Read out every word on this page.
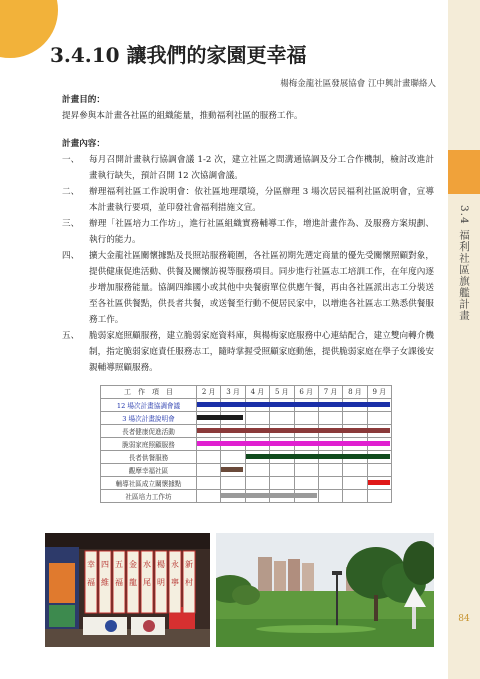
3.4 福利社區旗艦計畫
84
3.4.10 讓我們的家園更幸福
楊梅金龍社區發展協會 江中興計畫聯絡人
計畫目的：
提昇參與本計畫各社區的組織能量，推動福利社區的服務工作。
計畫內容：
一、 每月召開計畫執行協調會議 1-2 次，建立社區之間溝通協調及分工合作機制，檢討改進計畫執行缺失，預計召開 12 次協調會議。
二、 辦理福利社區工作說明會：依社區地理環境，分區辦理 3 場次居民福利社區說明會，宣導本計畫執行要項，並印發社會福利措施文宣。
三、 辦理「社區培力工作坊」，進行社區組織實務輔導工作，增進計畫作為、及服務方案規劃、執行的能力。
四、 擴大金龍社區關懷據點及長照站服務範圍，各社區初期先選定商量的優先受關懷照顧對象，提供健康促進活動、供餐及關懷訪視等服務項目。同步進行社區志工培訓工作，在年度內逐步增加服務能量。協調四維國小或其他中央餐廚單位供應午餐，再由各社區派出志工分裝送至各社區供餐點，供長者共餐，或送餐至行動不便居民家中，以增進各社區志工熟悉供餐服務工作。
五、 脆弱家庭照顧服務，建立脆弱家庭資料庫，與楊梅家庭服務中心連結配合，建立雙向轉介機制，指定脆弱家庭責任服務志工，隨時掌握受照顧家庭動態，提供脆弱家庭在學子女課後安親輔導照顧服務。
工　作　項　目	2 月	3 月	4 月	5 月	6 月	7 月	8 月	9 月
12 場次計畫協調會議	

3 場次計畫說明會	

長者健康促進活動	

脆弱家庭照顧服務	

長者供餐服務			

觀摩幸福社區		

輔導社區成立關懷據點								

社區培力工作坊		

幸
福
四
維
五
福
金
龍
水
尾
楊
明
永
寧
新
村
